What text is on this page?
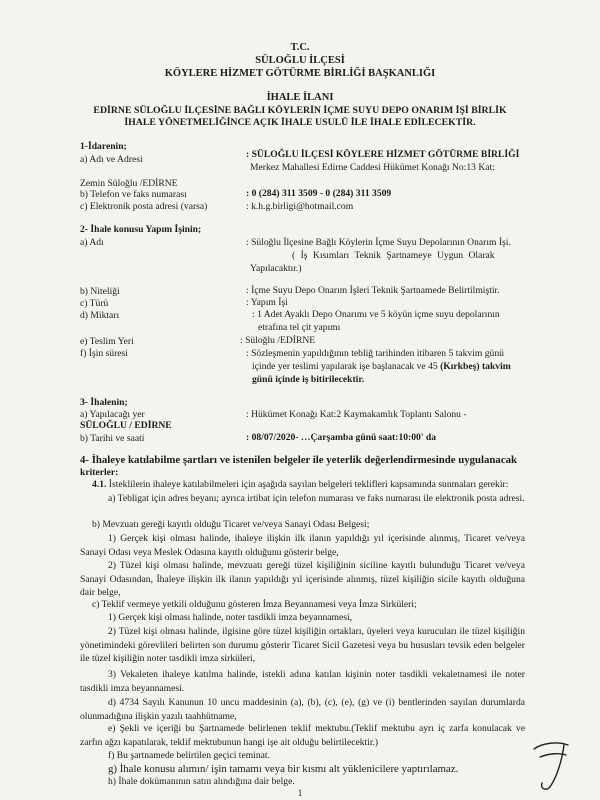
T.C.
SÜLOĞLU İLÇESİ
KÖYLERE HİZMET GÖTÜRME BİRLİĞİ BAŞKANLIĞI
İHALE İLANI
EDİRNE SÜLOĞLU İLÇESİNE BAĞLI KÖYLERİN İÇME SUYU DEPO ONARIM İŞİ BİRLİK
İHALE YÖNETMELİĞİNCE AÇIK İHALE USULÜ İLE İHALE EDİLECEKTİR.
1-İdarenin;
a) Adı ve Adresi	: SÜLOĞLU İLÇESİ KÖYLERE HİZMET GÖTÜRME BİRLİĞİ
Merkez Mahallesi Edirne Caddesi Hükümet Konağı No:13 Kat:
Zemin Süloğlu /EDİRNE
b) Telefon ve faks numarası	: 0 (284) 311 3509 - 0 (284) 311 3509
c) Elektronik posta adresi (varsa)	: k.h.g.birligi@hotmail.com
2- İhale konusu Yapım İşinin;
a) Adı	: Süloğlu İlçesine Bağlı Köylerin İçme Suyu Depolarının Onarım İşi.
( İş Kısımları Teknik Şartnameye Uygun Olarak
Yapılacaktır.)
b) Niteliği	: İçme Suyu Depo Onarım İşleri Teknik Şartnamede Belirtilmiştir.
c) Türü	: Yapım İşi
d) Miktarı	: 1 Adet Ayaklı Depo Onarımı ve 5 köyün içme suyu depolarının
etrafına tel çit yapımı
e) Teslim Yeri	: Süloğlu /EDİRNE
f) İşin süresi	: Sözleşmenin yapıldığının tebliğ tarihinden itibaren 5 takvim günü
içinde yer teslimi yapılarak işe başlanacak ve 45 (Kırkbeş) takvim
günü içinde iş bitirilecektir.
3- İhalenin;
a) Yapılacağı yer	: Hükümet Konağı Kat:2 Kaymakamlık Toplantı Salonu -
SÜLOĞLU / EDİRNE
b) Tarihi ve saati	: 08/07/2020- …Çarşamba günü saat:10:00' da
4- İhaleye katılabilme şartları ve istenilen belgeler ile yeterlik değerlendirmesinde uygulanacak
kriterler:
4.1. İsteklilerin ihaleye katılabilmeleri için aşağıda sayılan belgeleri teklifleri kapsamında sunmaları gerekir:
a) Tebligat için adres beyanı; ayrıca irtibat için telefon numarası ve faks numarası ile elektronik posta adresi.
b) Mevzuatı gereği kayıtlı olduğu Ticaret ve/veya Sanayi Odası Belgesi;
1) Gerçek kişi olması halinde, ihaleye ilişkin ilk ilanın yapıldığı yıl içerisinde alınmış, Ticaret ve/veya Sanayi Odası veya Meslek Odasına kayıtlı olduğunu gösterir belge,
2) Tüzel kişi olması halinde, mevzuatı gereği tüzel kişiliğinin siciline kayıtlı bulunduğu Ticaret ve/veya Sanayi Odasından, İhaleye ilişkin ilk ilanın yapıldığı yıl içerisinde alınmış, tüzel kişiliğin sicile kayıtlı olduğuna dair belge,
c) Teklif vermeye yetkili olduğunu gösteren İmza Beyannamesi veya İmza Sirküleri;
1) Gerçek kişi olması halinde, noter tasdikli imza beyannamesi,
2) Tüzel kişi olması halinde, ilgisine göre tüzel kişiliğin ortakları, üyeleri veya kurucuları ile tüzel kişiliğin yönetimindeki görevlileri belirten son durumu gösterir Ticaret Sicil Gazetesi veya bu hususları tevsik eden belgeler ile tüzel kişiliğin noter tasdikli imza sirküleri,
3) Vekaleten ihaleye katılma halinde, istekli adına katılan kişinin noter tasdikli vekaletnamesi ile noter tasdikli imza beyannamesi.
d) 4734 Sayılı Kanunun 10 uncu maddesinin (a), (b), (c), (e), (g) ve (i) bentlerinden sayılan durumlarda olunmadığına ilişkin yazılı taahhütname,
e) Şekli ve içeriği bu Şartnamede belirlenen teklif mektubu.(Teklif mektubu ayrı iç zarfa konulacak ve zarfın ağzı kapatılarak, teklif mektubunun hangi işe ait olduğu belirtilecektir.)
f) Bu şartnamede belirtilen geçici teminat.
g) İhale konusu alımın/ işin tamamı veya bir kısmı alt yüklenicilere yaptırılamaz.
h) İhale dokümanının satın alındığına dair belge.
1
